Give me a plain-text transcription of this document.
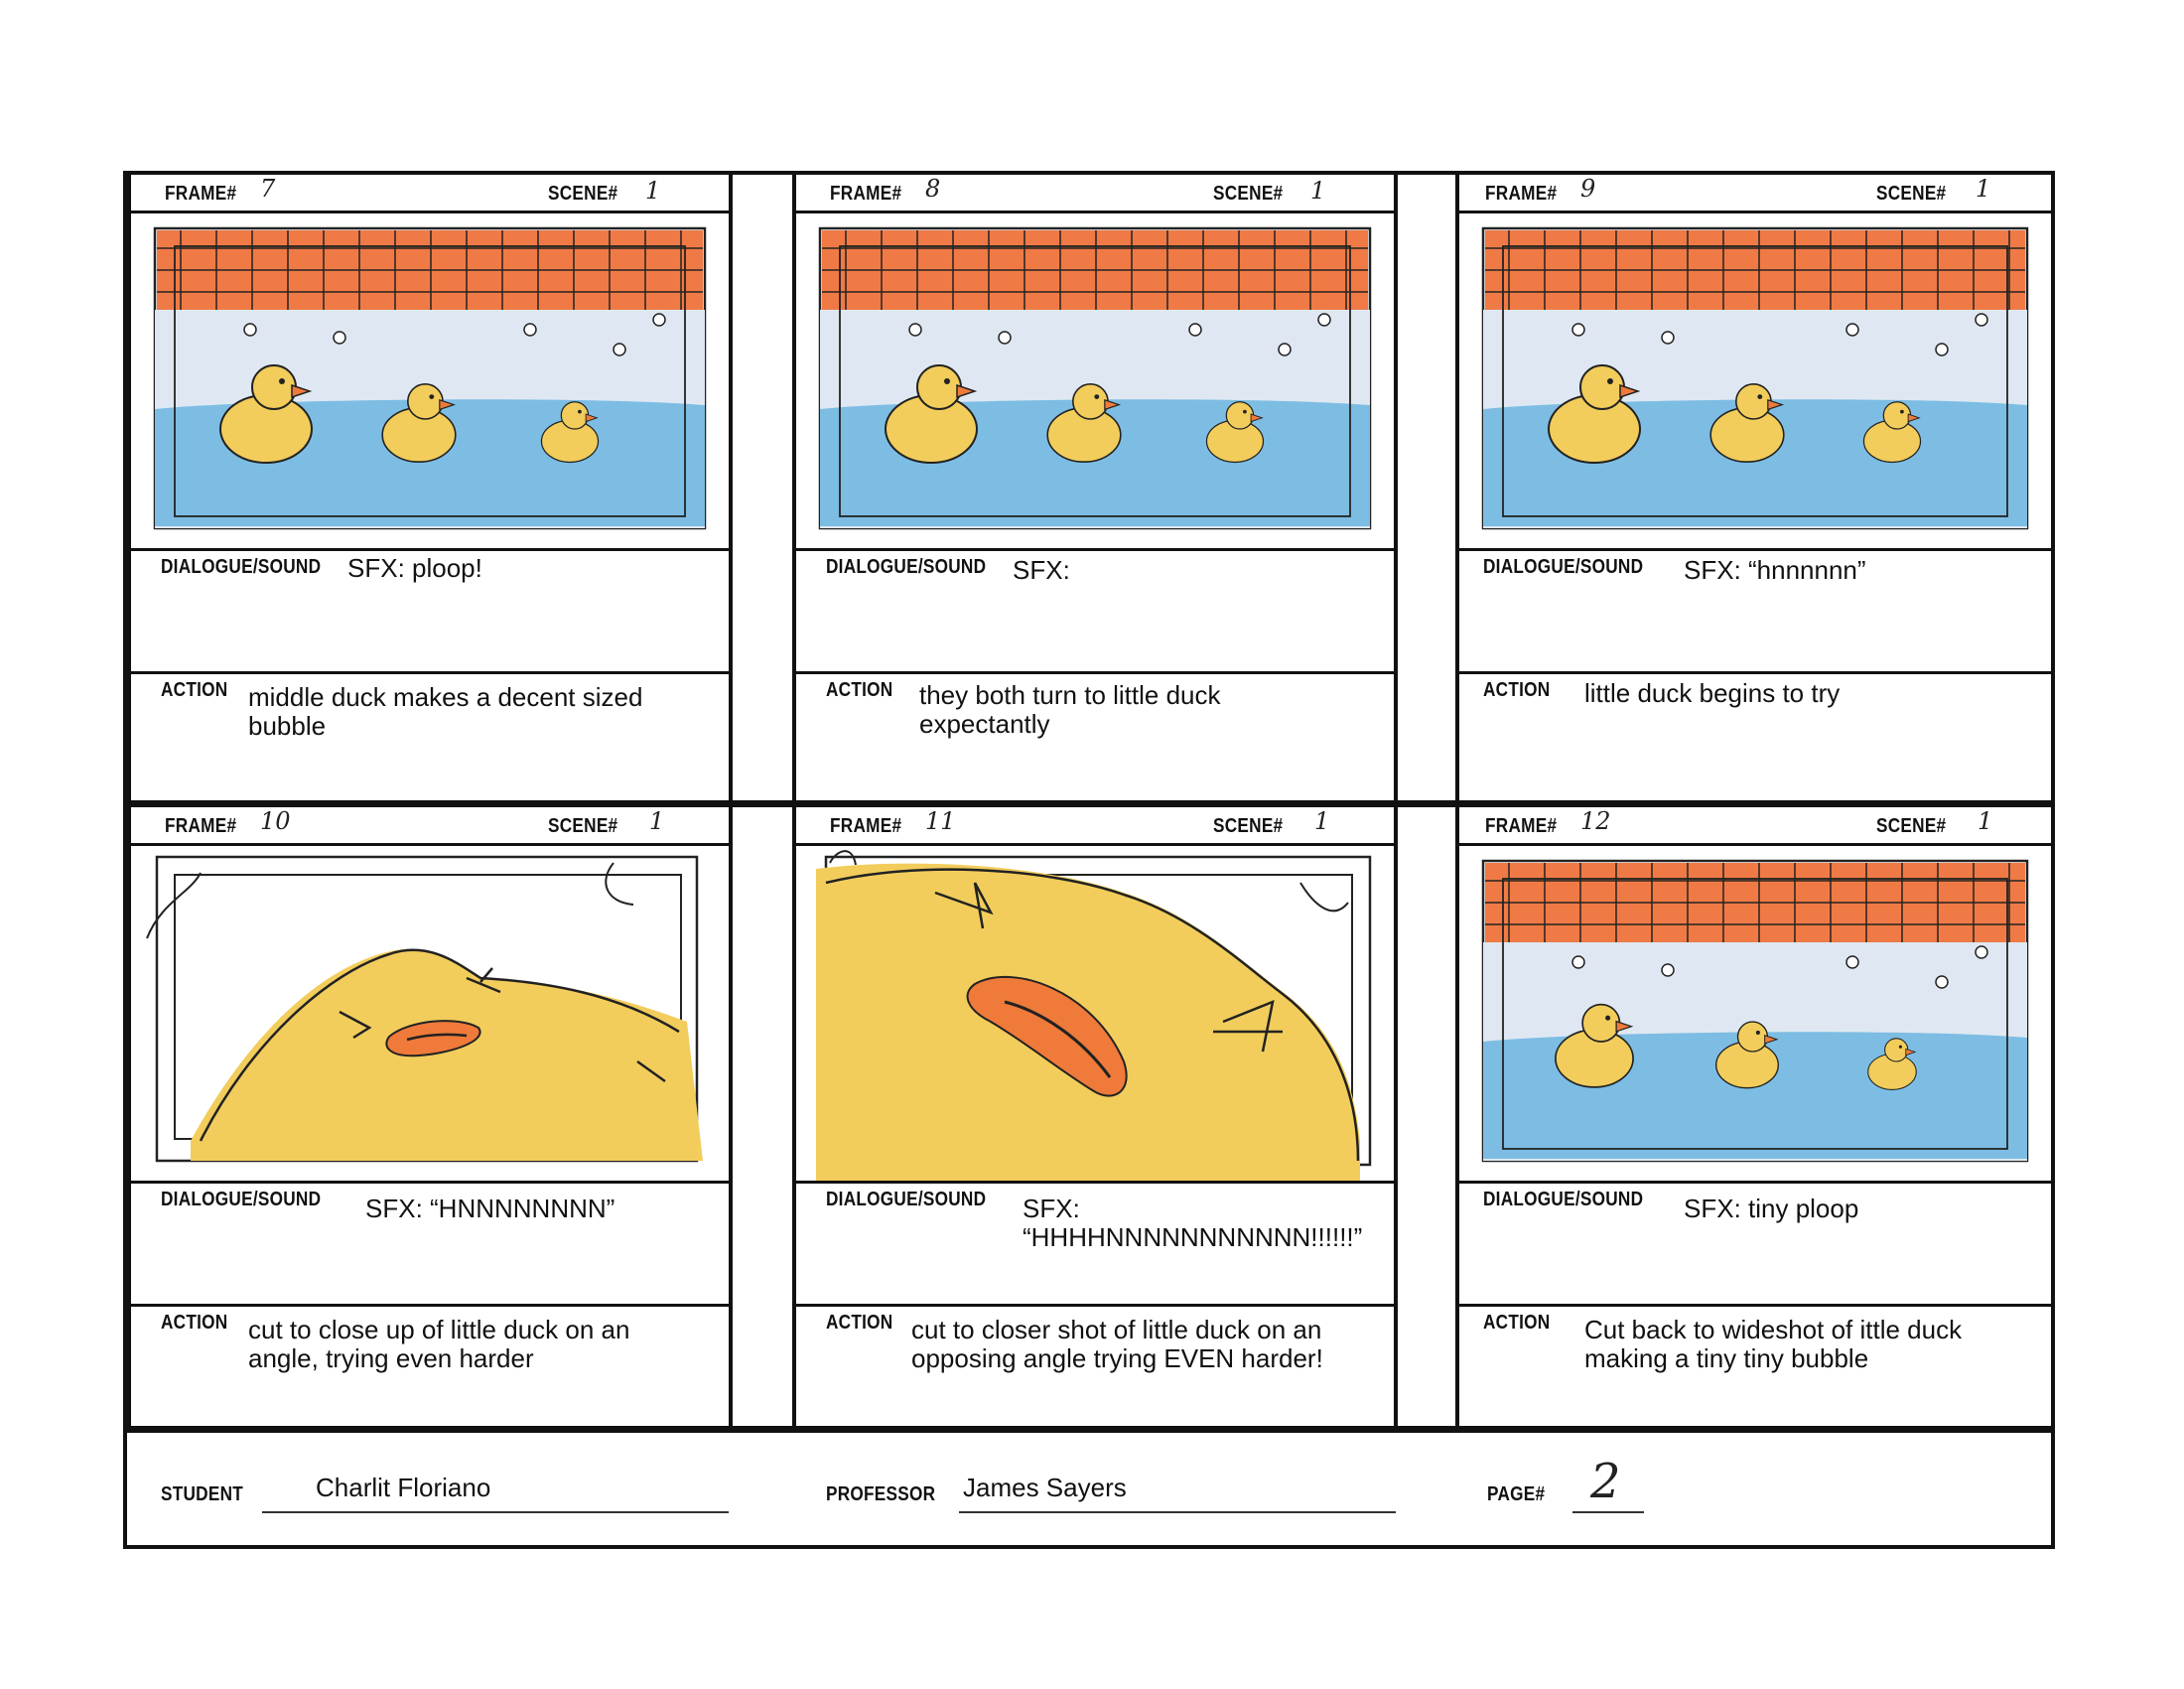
FRAME# 7	SCENE# 1
DIALOGUE/SOUND SFX: ploop!
ACTION middle duck makes a decent sized bubble
FRAME# 8	SCENE# 1
DIALOGUE/SOUND SFX:
ACTION they both turn to little duck expectantly
FRAME# 9	SCENE# 1
DIALOGUE/SOUND SFX: “hnnnnnn”
ACTION little duck begins to try
FRAME# 10	SCENE# 1
DIALOGUE/SOUND SFX: “HNNNNNNNN”
ACTION cut to close up of little duck on an angle, trying even harder
FRAME# 11	SCENE# 1
DIALOGUE/SOUND SFX: “HHHHNNNNNNNNNNN!!!!!!”
ACTION cut to closer shot of little duck on an opposing angle trying EVEN harder!
FRAME# 12	SCENE# 1
DIALOGUE/SOUND SFX: tiny ploop
ACTION Cut back to wideshot of ittle duck making a tiny tiny bubble
STUDENT	Charlit Floriano	PROFESSOR James Sayers	PAGE# 2
